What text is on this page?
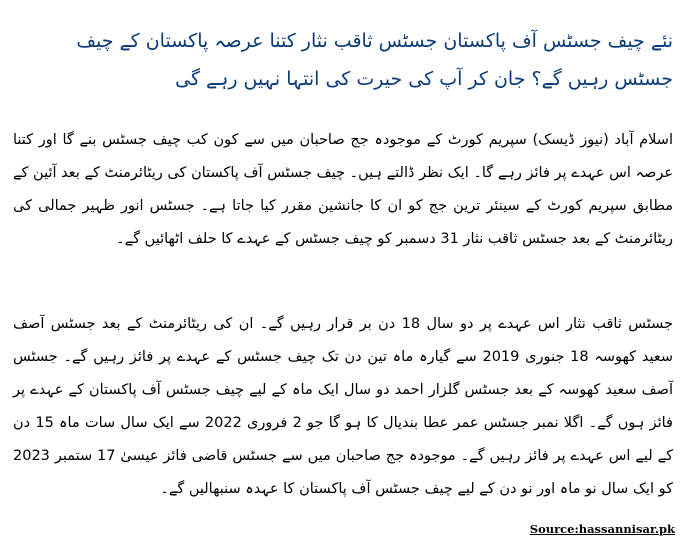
نئے چیف جسٹس آف پاکستان جسٹس ثاقب نثار کتنا عرصہ پاکستان کے چیف جسٹس رہیں گے؟ جان کر آپ کی حیرت کی انتہا نہیں رہے گی
اسلام آباد (نیوز ڈیسک) سپریم کورٹ کے موجودہ جج صاحبان میں سے کون کب چیف جسٹس بنے گا اور کتنا عرصہ اس عہدے پر فائز رہے گا۔ ایک نظر ڈالتے ہیں۔ چیف جسٹس آف پاکستان کی ریٹائرمنٹ کے بعد آئین کے مطابق سپریم کورٹ کے سینئر ترین جج کو ان کا جانشین مقرر کیا جاتا ہے۔ جسٹس انور ظہیر جمالی کی ریٹائرمنٹ کے بعد جسٹس ثاقب نثار 31 دسمبر کو چیف جسٹس کے عہدے کا حلف اٹھائیں گے۔
جسٹس ثاقب نثار اس عہدے پر دو سال 18 دن بر قرار رہیں گے۔ ان کی ریٹائرمنٹ کے بعد جسٹس آصف سعید کھوسہ 18 جنوری 2019 سے گیارہ ماہ تین دن تک چیف جسٹس کے عہدے پر فائز رہیں گے۔ جسٹس آصف سعید کھوسہ کے بعد جسٹس گلزار احمد دو سال ایک ماہ کے لیے چیف جسٹس آف پاکستان کے عہدے پر فائز ہوں گے۔ اگلا نمبر جسٹس عمر عطا بندیال کا ہو گا جو 2 فروری 2022 سے ایک سال سات ماہ 15 دن کے لیے اس عہدے پر فائز رہیں گے۔ موجودہ جج صاحبان میں سے جسٹس قاضی فائز عیسیٰ 17 ستمبر 2023 کو ایک سال نو ماہ اور نو دن کے لیے چیف جسٹس آف پاکستان کا عہدہ سنبھالیں گے۔
Source:hassannisar.pk
